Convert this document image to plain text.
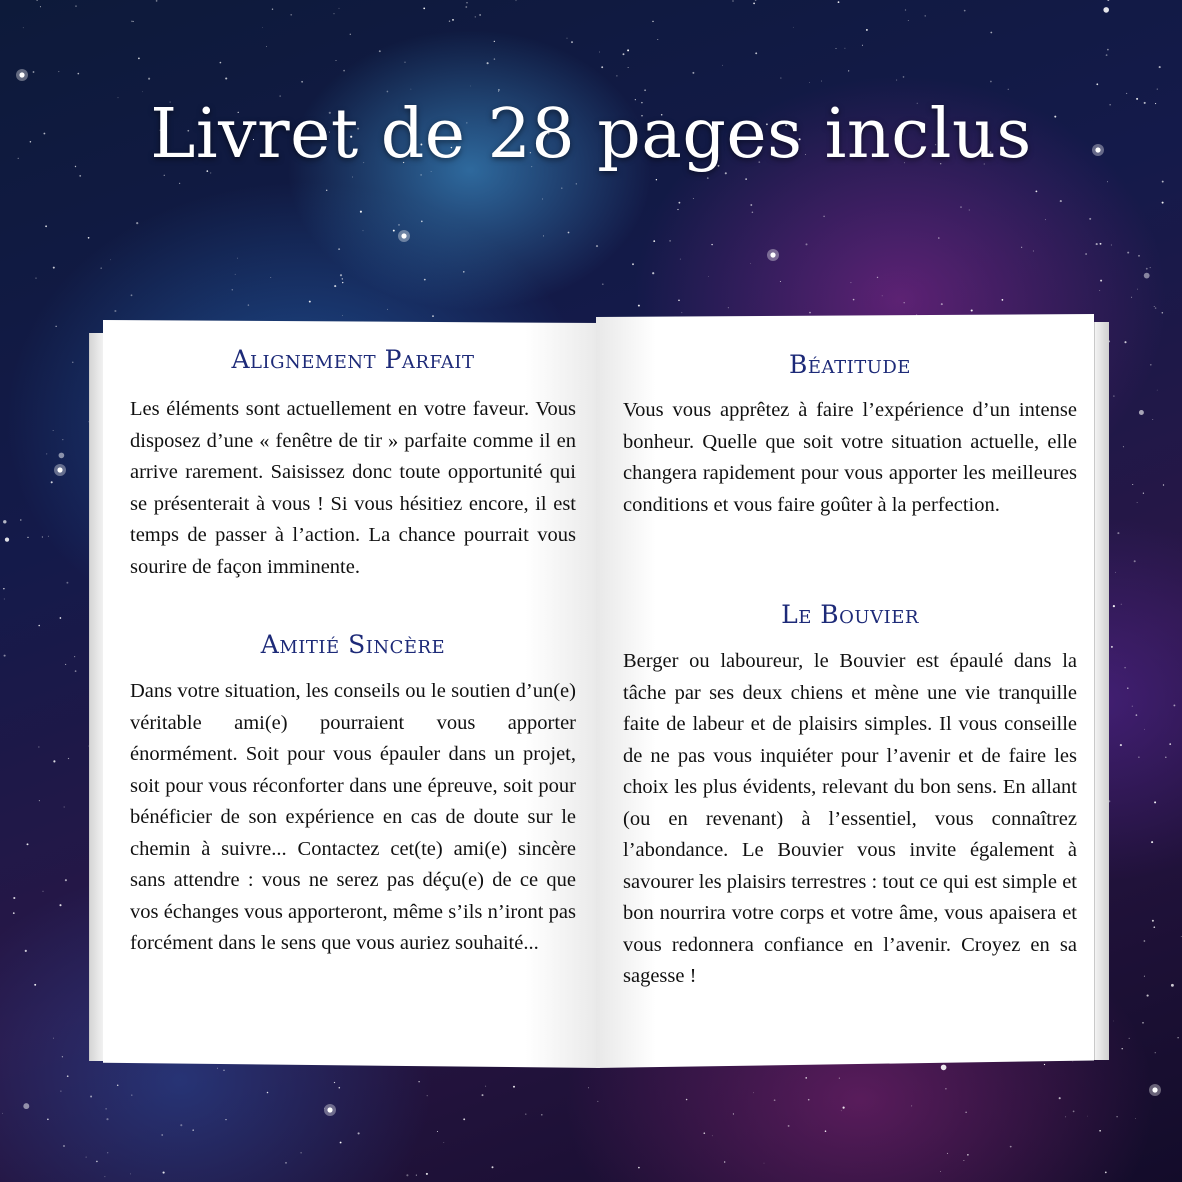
Livret de 28 pages inclus
Alignement Parfait

Les éléments sont actuellement en votre faveur. Vous disposez d’une « fenêtre de tir » parfaite comme il en arrive rarement. Saisissez donc toute opportunité qui se présenterait à vous ! Si vous hésitiez encore, il est temps de passer à l’action. La chance pourrait vous sourire de façon imminente.

Amitié Sincère

Dans votre situation, les conseils ou le soutien d’un(e) véritable ami(e) pourraient vous apporter énormément. Soit pour vous épauler dans un projet, soit pour vous réconforter dans une épreuve, soit pour bénéficier de son expérience en cas de doute sur le chemin à suivre... Contactez cet(te) ami(e) sincère sans attendre : vous ne serez pas déçu(e) de ce que vos échanges vous apporteront, même s’ils n’iront pas forcément dans le sens que vous auriez souhaité...

Béatitude

Vous vous apprêtez à faire l’expérience d’un intense bonheur. Quelle que soit votre situation actuelle, elle changera rapidement pour vous apporter les meilleures conditions et vous faire goûter à la perfection.

Le Bouvier

Berger ou laboureur, le Bouvier est épaulé dans la tâche par ses deux chiens et mène une vie tranquille faite de labeur et de plaisirs simples. Il vous conseille de ne pas vous inquiéter pour l’avenir et de faire les choix les plus évidents, relevant du bon sens. En allant (ou en revenant) à l’essentiel, vous connaîtrez l’abondance. Le Bouvier vous invite également à savourer les plaisirs terrestres : tout ce qui est simple et bon nourrira votre corps et votre âme, vous apaisera et vous redonnera confiance en l’avenir. Croyez en sa sagesse !
